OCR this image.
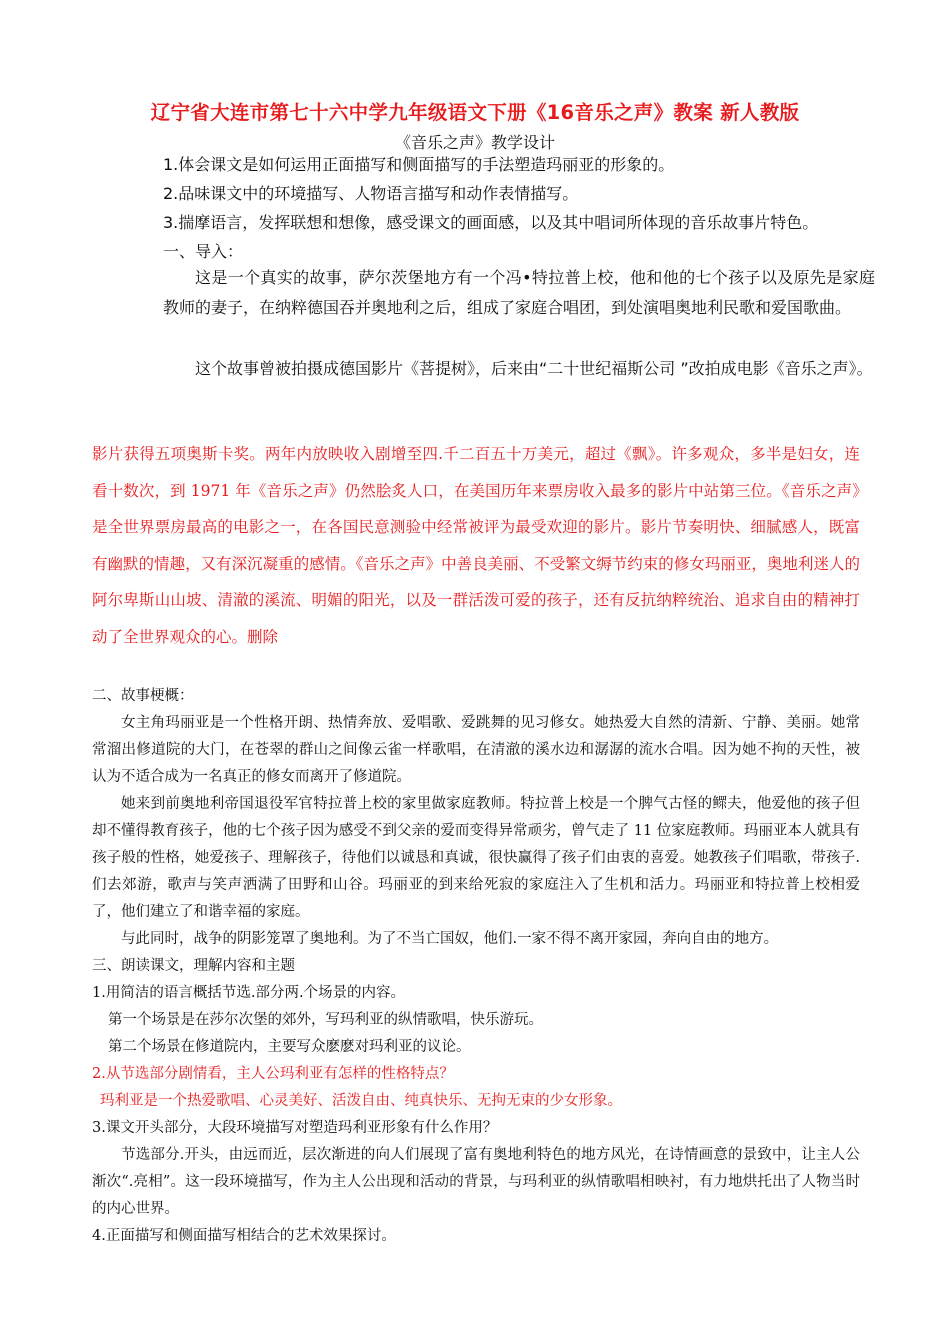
辽宁省大连市第七十六中学九年级语文下册《16音乐之声》教案 新人教版
《音乐之声》教学设计
1.体会课文是如何运用正面描写和侧面描写的手法塑造玛丽亚的形象的。
2.品味课文中的环境描写、人物语言描写和动作表情描写。
3.揣摩语言，发挥联想和想像，感受课文的画面感，以及其中唱词所体现的音乐故事片特色。
一、导入：
这是一个真实的故事，萨尔茨堡地方有一个冯•特拉普上校，他和他的七个孩子以及原先是家庭教师的妻子，在纳粹德国吞并奥地利之后，组成了家庭合唱团，到处演唱奥地利民歌和爱国歌曲。
这个故事曾被拍摄成德国影片《菩提树》，后来由“二十世纪福斯公司 ”改拍成电影《音乐之声》。
影片获得五项奥斯卡奖。两年内放映收入剧增至四.千二百五十万美元，超过《飘》。许多观众，多半是妇女，连看十数次，到 1971 年《音乐之声》仍然脍炙人口，在美国历年来票房收入最多的影片中站第三位。《音乐之声》是全世界票房最高的电影之一，在各国民意测验中经常被评为最受欢迎的影片。影片节奏明快、细腻感人，既富有幽默的情趣，又有深沉凝重的感情。《音乐之声》中善良美丽、不受繁文缛节约束的修女玛丽亚，奥地利迷人的阿尔卑斯山山坡、清澈的溪流、明媚的阳光，以及一群活泼可爱的孩子，还有反抗纳粹统治、追求自由的精神打动了全世界观众的心。删除
二、故事梗概：
女主角玛丽亚是一个性格开朗、热情奔放、爱唱歌、爱跳舞的见习修女。她热爱大自然的清新、宁静、美丽。她常常溜出修道院的大门，在苍翠的群山之间像云雀一样歌唱，在清澈的溪水边和潺潺的流水合唱。因为她不拘的天性，被认为不适合成为一名真正的修女而离开了修道院。
她来到前奥地利帝国退役军官特拉普上校的家里做家庭教师。特拉普上校是一个脾气古怪的鳏夫，他爱他的孩子但却不懂得教育孩子，他的七个孩子因为感受不到父亲的爱而变得异常顽劣，曾气走了 11 位家庭教师。玛丽亚本人就具有孩子般的性格，她爱孩子、理解孩子，待他们以诚恳和真诚，很快赢得了孩子们由衷的喜爱。她教孩子们唱歌，带孩子.们去郊游，歌声与笑声洒满了田野和山谷。玛丽亚的到来给死寂的家庭注入了生机和活力。玛丽亚和特拉普上校相爱了，他们建立了和谐幸福的家庭。
与此同时，战争的阴影笼罩了奥地利。为了不当亡国奴，他们.一家不得不离开家园，奔向自由的地方。
三、朗读课文，理解内容和主题
1.用简洁的语言概括节选.部分两.个场景的内容。
第一个场景是在莎尔次堡的郊外，写玛利亚的纵情歌唱，快乐游玩。
第二个场景在修道院内，主要写众麽麽对玛利亚的议论。
2.从节选部分剧情看，主人公玛利亚有怎样的性格特点？
玛利亚是一个热爱歌唱、心灵美好、活泼自由、纯真快乐、无拘无束的少女形象。
3.课文开头部分，大段环境描写对塑造玛利亚形象有什么作用？
节选部分.开头，由远而近，层次渐进的向人们展现了富有奥地利特色的地方风光，在诗情画意的景致中，让主人公渐次“.亮相”。这一段环境描写，作为主人公出现和活动的背景，与玛利亚的纵情歌唱相映衬，有力地烘托出了人物当时的内心世界。
4.正面描写和侧面描写相结合的艺术效果探讨。
